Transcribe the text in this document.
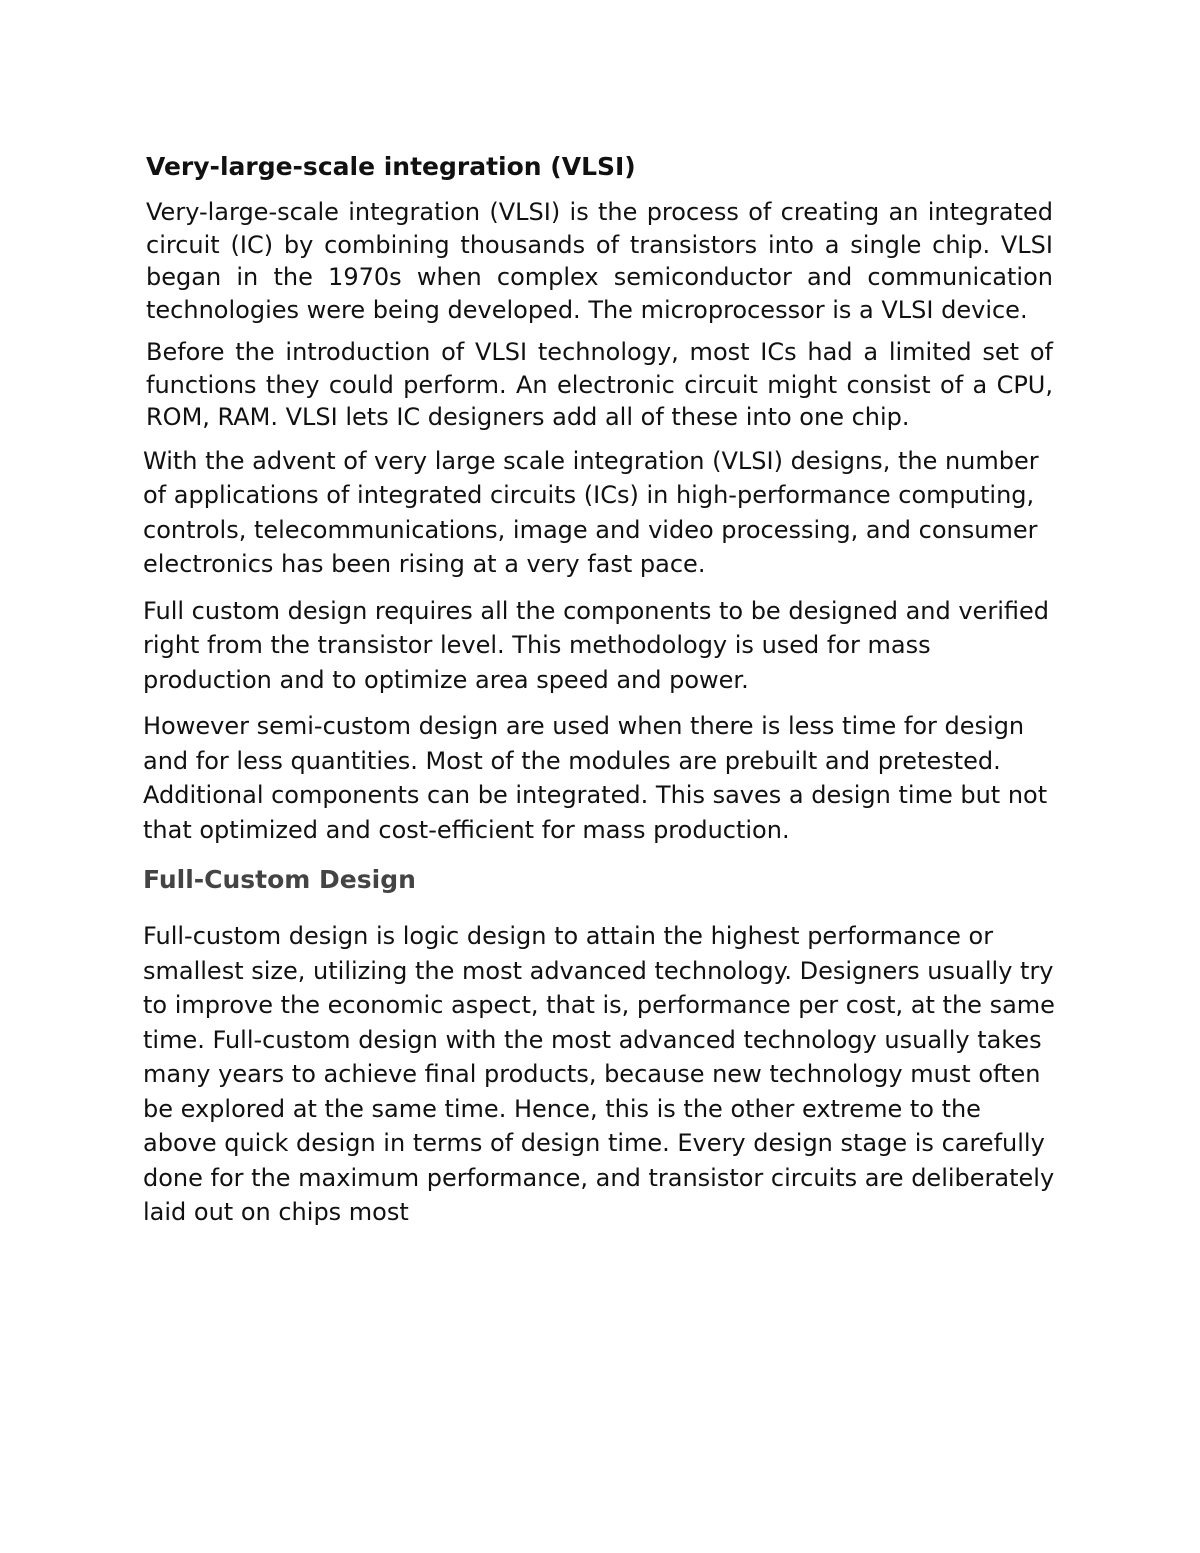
Very-large-scale integration (VLSI)

Very-large-scale integration (VLSI) is the process of creating an integrated circuit (IC) by combining thousands of transistors into a single chip. VLSI began in the 1970s when complex semiconductor and communication technologies were being developed. The microprocessor is a VLSI device.

Before the introduction of VLSI technology, most ICs had a limited set of functions they could perform. An electronic circuit might consist of a CPU, ROM, RAM. VLSI lets IC designers add all of these into one chip.

With the advent of very large scale integration (VLSI) designs, the number of applications of integrated circuits (ICs) in high-performance computing, controls, telecommunications, image and video processing, and consumer electronics has been rising at a very fast pace.

Full custom design requires all the components to be designed and verified right from the transistor level. This methodology is used for mass production and to optimize area speed and power.

However semi-custom design are used when there is less time for design and for less quantities. Most of the modules are prebuilt and pretested. Additional components can be integrated. This saves a design time but not that optimized and cost-efficient for mass production.

Full-Custom Design

Full-custom design is logic design to attain the highest performance or smallest size, utilizing the most advanced technology. Designers usually try to improve the economic aspect, that is, performance per cost, at the same time. Full-custom design with the most advanced technology usually takes many years to achieve final products, because new technology must often be explored at the same time. Hence, this is the other extreme to the above quick design in terms of design time. Every design stage is carefully done for the maximum performance, and transistor circuits are deliberately laid out on chips most
